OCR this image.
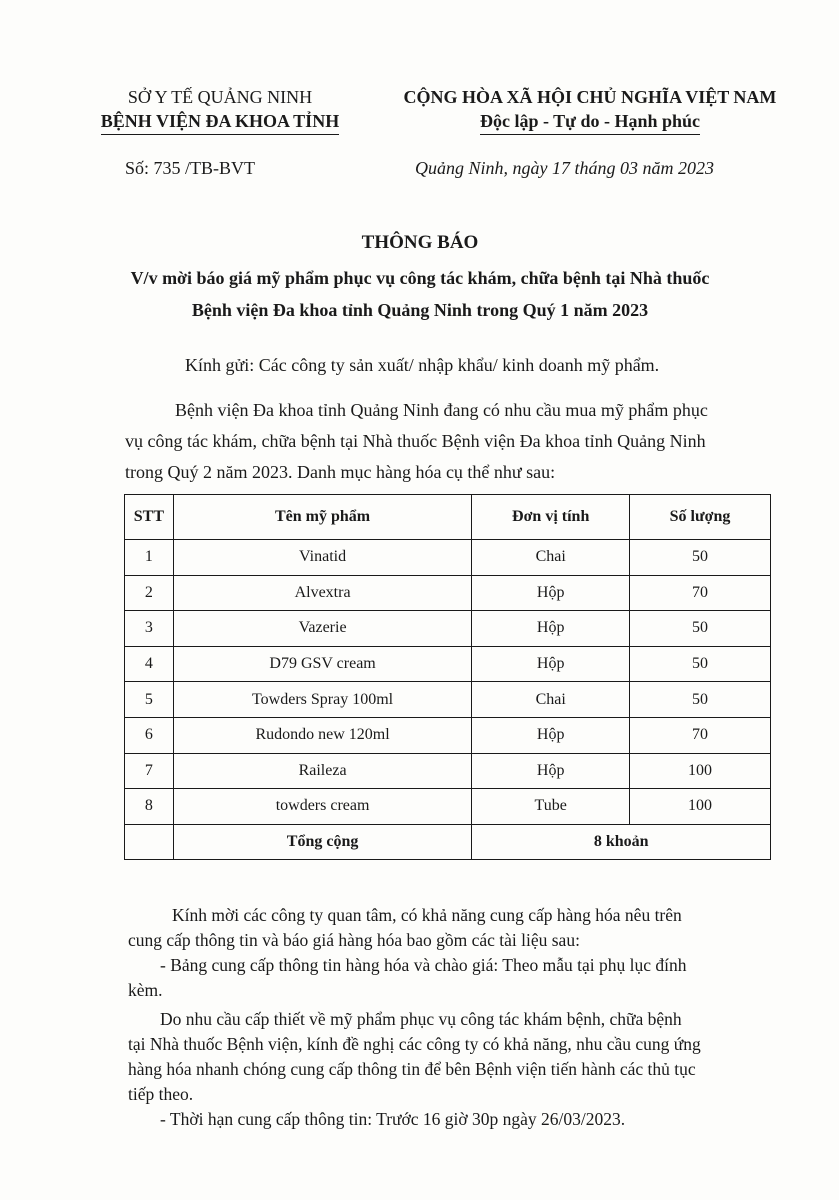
SỞ Y TẾ QUẢNG NINH
BỆNH VIỆN ĐA KHOA TỈNH
CỘNG HÒA XÃ HỘI CHỦ NGHĨA VIỆT NAM
Độc lập - Tự do - Hạnh phúc
Số: 735 /TB-BVT	Quảng Ninh, ngày 17 tháng 03 năm 2023
THÔNG BÁO
V/v mời báo giá mỹ phẩm phục vụ công tác khám, chữa bệnh tại Nhà thuốc
Bệnh viện Đa khoa tỉnh Quảng Ninh trong Quý 1 năm 2023
Kính gửi: Các công ty sản xuất/ nhập khẩu/ kinh doanh mỹ phẩm.
Bệnh viện Đa khoa tỉnh Quảng Ninh đang có nhu cầu mua mỹ phẩm phục
vụ công tác khám, chữa bệnh tại Nhà thuốc Bệnh viện Đa khoa tỉnh Quảng Ninh
trong Quý 2 năm 2023. Danh mục hàng hóa cụ thể như sau:
STT	Tên mỹ phẩm	Đơn vị tính	Số lượng
1	Vinatid	Chai	50
2	Alvextra	Hộp	70
3	Vazerie	Hộp	50
4	D79 GSV cream	Hộp	50
5	Towders Spray 100ml	Chai	50
6	Rudondo new 120ml	Hộp	70
7	Raileza	Hộp	100
8	towders cream	Tube	100
	Tổng cộng	8 khoản	
Kính mời các công ty quan tâm, có khả năng cung cấp hàng hóa nêu trên
cung cấp thông tin và báo giá hàng hóa bao gồm các tài liệu sau:
- Bảng cung cấp thông tin hàng hóa và chào giá: Theo mẫu tại phụ lục đính
kèm.
Do nhu cầu cấp thiết về mỹ phẩm phục vụ công tác khám bệnh, chữa bệnh
tại Nhà thuốc Bệnh viện, kính đề nghị các công ty có khả năng, nhu cầu cung ứng
hàng hóa nhanh chóng cung cấp thông tin để bên Bệnh viện tiến hành các thủ tục
tiếp theo.
- Thời hạn cung cấp thông tin: Trước 16 giờ 30p ngày 26/03/2023.
